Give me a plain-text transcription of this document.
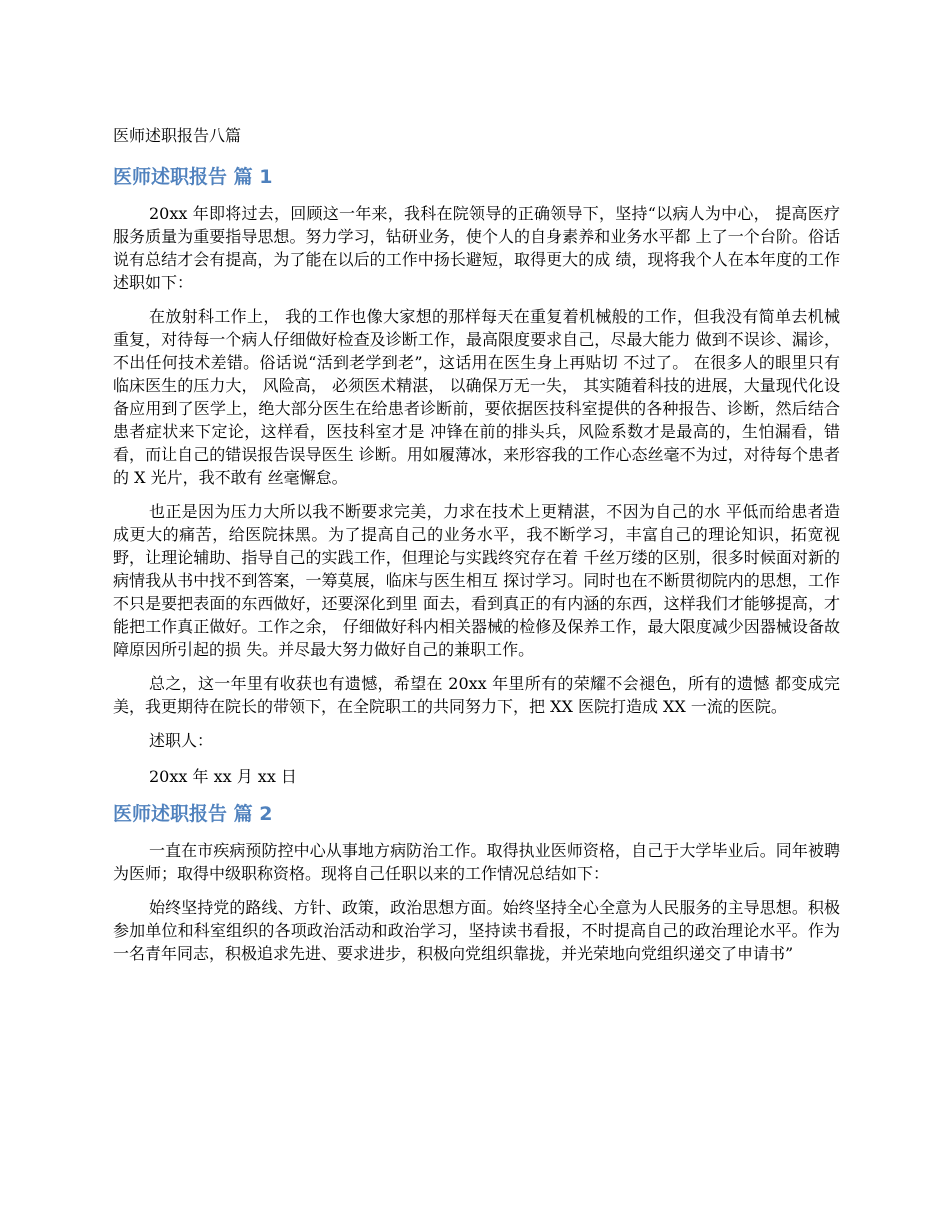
医师述职报告八篇
医师述职报告 篇 1

20xx 年即将过去，回顾这一年来，我科在院领导的正确领导下，坚持“以病人为中心， 提高医疗服务质量为重要指导思想。努力学习，钻研业务，使个人的自身素养和业务水平都 上了一个台阶。俗话说有总结才会有提高，为了能在以后的工作中扬长避短，取得更大的成 绩，现将我个人在本年度的工作述职如下：

在放射科工作上， 我的工作也像大家想的那样每天在重复着机械般的工作，但我没有简单去机械重复，对待每一个病人仔细做好检查及诊断工作，最高限度要求自己，尽最大能力 做到不误诊、漏诊，不出任何技术差错。俗话说“活到老学到老”，这话用在医生身上再贴切 不过了。 在很多人的眼里只有临床医生的压力大， 风险高， 必须医术精湛， 以确保万无一失， 其实随着科技的进展，大量现代化设备应用到了医学上，绝大部分医生在给患者诊断前，要依据医技科室提供的各种报告、诊断，然后结合患者症状来下定论，这样看，医技科室才是 冲锋在前的排头兵，风险系数才是最高的，生怕漏看，错看，而让自己的错误报告误导医生 诊断。用如履薄冰，来形容我的工作心态丝毫不为过，对待每个患者的 X 光片，我不敢有 丝毫懈怠。

也正是因为压力大所以我不断要求完美，力求在技术上更精湛，不因为自己的水 平低而给患者造成更大的痛苦，给医院抹黑。为了提高自己的业务水平，我不断学习，丰富自己的理论知识，拓宽视野，让理论辅助、指导自己的实践工作，但理论与实践终究存在着 千丝万缕的区别，很多时候面对新的病情我从书中找不到答案，一筹莫展，临床与医生相互 探讨学习。同时也在不断贯彻院内的思想，工作不只是要把表面的东西做好，还要深化到里 面去，看到真正的有内涵的东西，这样我们才能够提高，才能把工作真正做好。工作之余， 仔细做好科内相关器械的检修及保养工作，最大限度减少因器械设备故障原因所引起的损 失。并尽最大努力做好自己的兼职工作。

总之，这一年里有收获也有遗憾，希望在 20xx 年里所有的荣耀不会褪色，所有的遗憾 都变成完美，我更期待在院长的带领下，在全院职工的共同努力下，把 XX 医院打造成 XX 一流的医院。

述职人：

20xx 年 xx 月 xx 日

医师述职报告 篇 2

一直在市疾病预防控中心从事地方病防治工作。取得执业医师资格，自己于大学毕业后。同年被聘为医师；取得中级职称资格。现将自己任职以来的工作情况总结如下：

始终坚持党的路线、方针、政策，政治思想方面。始终坚持全心全意为人民服务的主导思想。积极参加单位和科室组织的各项政治活动和政治学习，坚持读书看报，不时提高自己的政治理论水平。作为一名青年同志，积极追求先进、要求进步，积极向党组织靠拢，并光荣地向党组织递交了申请书”
